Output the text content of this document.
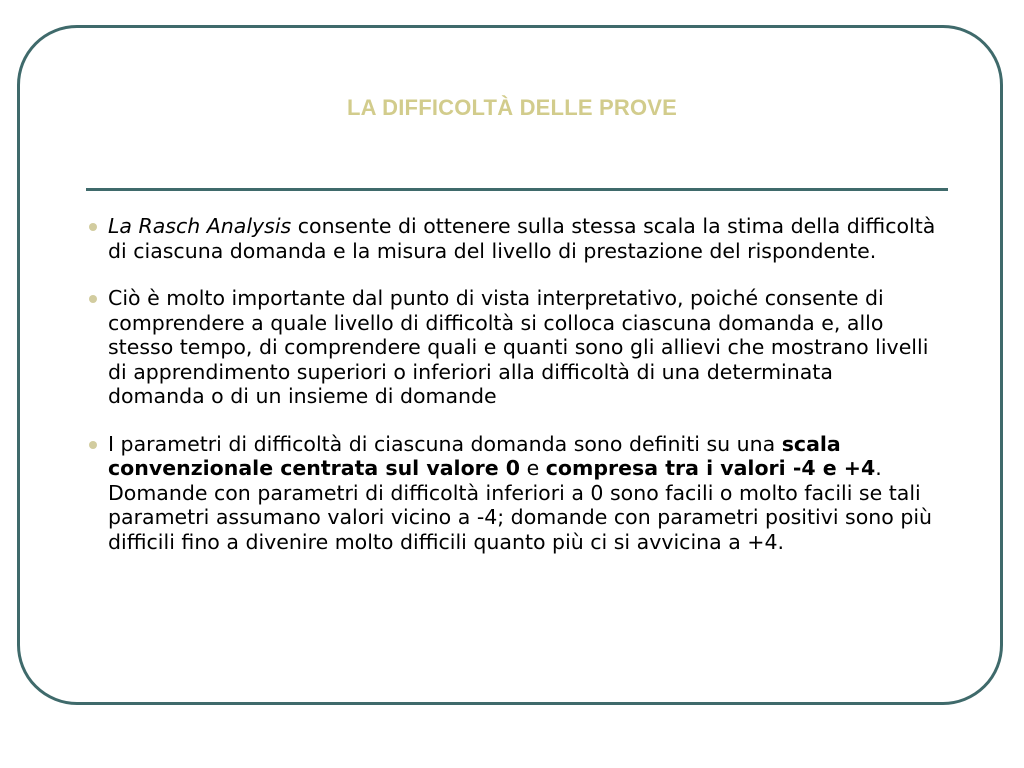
LA DIFFICOLTÀ DELLE PROVE
La Rasch Analysis consente di ottenere sulla stessa scala la stima della difficoltà di ciascuna domanda e la misura del livello di prestazione del rispondente.
Ciò è molto importante dal punto di vista interpretativo, poiché consente di comprendere a quale livello di difficoltà si colloca ciascuna domanda e, allo stesso tempo, di comprendere quali e quanti sono gli allievi che mostrano livelli di apprendimento superiori o inferiori alla difficoltà di una determinata domanda o di un insieme di domande
I parametri di difficoltà di ciascuna domanda sono definiti su una scala convenzionale centrata sul valore 0 e compresa tra i valori -4 e +4. Domande con parametri di difficoltà inferiori a 0 sono facili o molto facili se tali parametri assumano valori vicino a -4; domande con parametri positivi sono più difficili fino a divenire molto difficili quanto più ci si avvicina a +4.
